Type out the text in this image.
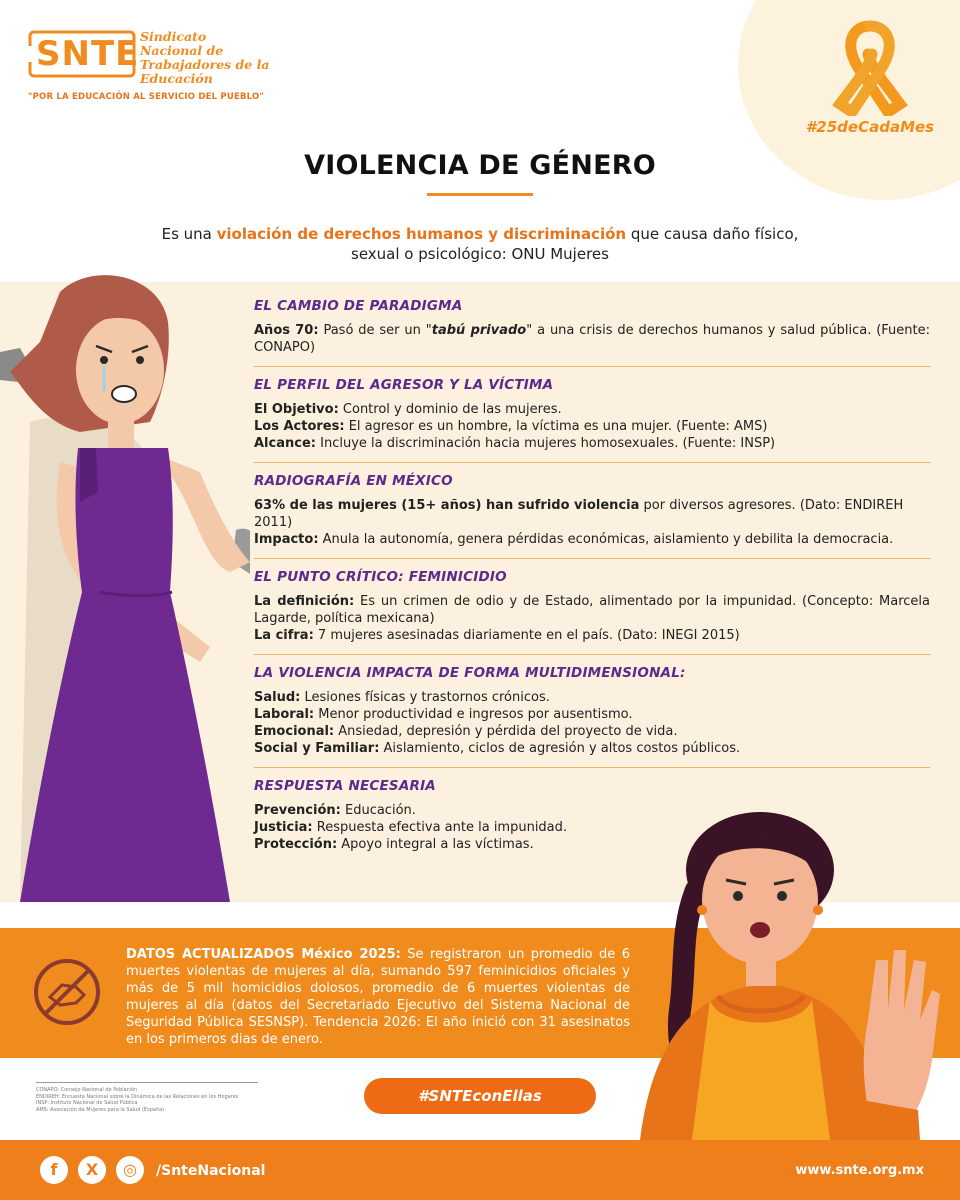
SNTE Sindicato
Nacional de
Trabajadores de la
Educación
"POR LA EDUCACIÓN AL SERVICIO DEL PUEBLO"
#25deCadaMes
VIOLENCIA DE GÉNERO
Es una violación de derechos humanos y discriminación que causa daño físico, sexual o psicológico: ONU Mujeres
EL CAMBIO DE PARADIGMA
Años 70: Pasó de ser un "tabú privado" a una crisis de derechos humanos y salud pública. (Fuente: CONAPO)
EL PERFIL DEL AGRESOR Y LA VÍCTIMA
El Objetivo: Control y dominio de las mujeres.
Los Actores: El agresor es un hombre, la víctima es una mujer. (Fuente: AMS)
Alcance: Incluye la discriminación hacia mujeres homosexuales. (Fuente: INSP)
RADIOGRAFÍA EN MÉXICO
63% de las mujeres (15+ años) han sufrido violencia por diversos agresores. (Dato: ENDIREH 2011)
Impacto: Anula la autonomía, genera pérdidas económicas, aislamiento y debilita la democracia.
EL PUNTO CRÍTICO: FEMINICIDIO
La definición: Es un crimen de odio y de Estado, alimentado por la impunidad. (Concepto: Marcela Lagarde, política mexicana)
La cifra: 7 mujeres asesinadas diariamente en el país. (Dato: INEGI 2015)
LA VIOLENCIA IMPACTA DE FORMA MULTIDIMENSIONAL:
Salud: Lesiones físicas y trastornos crónicos.
Laboral: Menor productividad e ingresos por ausentismo.
Emocional: Ansiedad, depresión y pérdida del proyecto de vida.
Social y Familiar: Aislamiento, ciclos de agresión y altos costos públicos.
RESPUESTA NECESARIA
Prevención: Educación.
Justicia: Respuesta efectiva ante la impunidad.
Protección: Apoyo integral a las víctimas.
DATOS ACTUALIZADOS México 2025: Se registraron un promedio de 6 muertes violentas de mujeres al día, sumando 597 feminicidios oficiales y más de 5 mil homicidios dolosos, promedio de 6 muertes violentas de mujeres al día (datos del Secretariado Ejecutivo del Sistema Nacional de Seguridad Pública SESNSP). Tendencia 2026: El año inició con 31 asesinatos en los primeros dias de enero.
CONAPO: Consejo Nacional de Población
ENDIREH: Encuesta Nacional sobre la Dinámica de las Relaciones en los Hogares
INSP: Instituto Nacional de Salud Pública
AMS: Asociación de Mujeres para la Salud (España)
#SNTEconEllas
f	X	◎	/SnteNacional	www.snte.org.mx
